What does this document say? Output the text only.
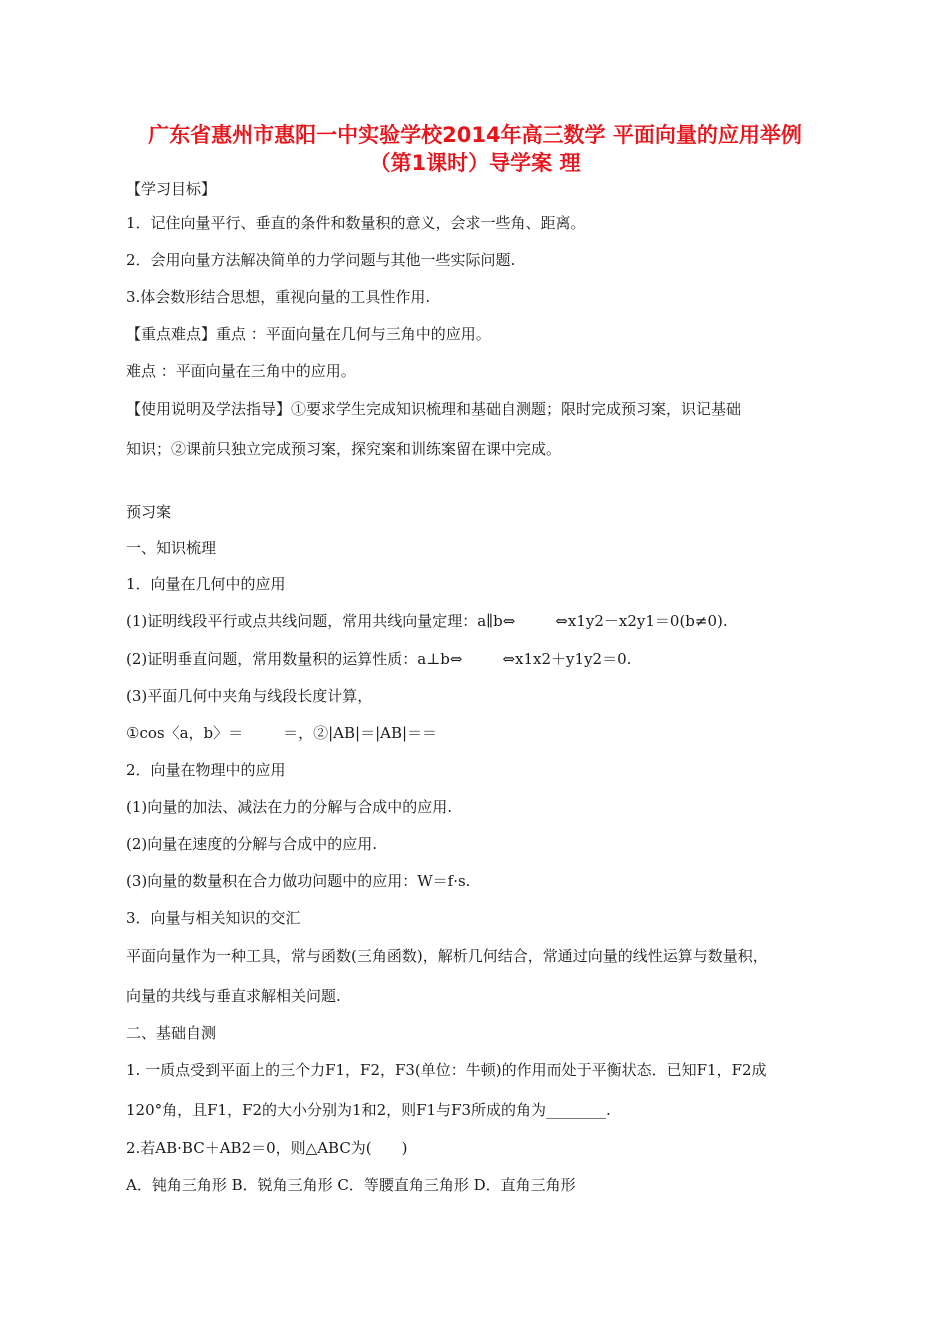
广东省惠州市惠阳一中实验学校2014年高三数学 平面向量的应用举例
（第1课时）导学案 理
【学习目标】
1．记住向量平行、垂直的条件和数量积的意义，会求一些角、距离。
2．会用向量方法解决简单的力学问题与其他一些实际问题.
3.体会数形结合思想，重视向量的工具性作用.
【重点难点】重点 ：平面向量在几何与三角中的应用。
难点 ：平面向量在三角中的应用。
【使用说明及学法指导】①要求学生完成知识梳理和基础自测题；限时完成预习案，识记基础
知识；②课前只独立完成预习案，探究案和训练案留在课中完成。
预习案
一、知识梳理
1．向量在几何中的应用
(1)证明线段平行或点共线问题，常用共线向量定理：a∥b⇔	⇔x1y2－x2y1＝0(b≠0).
(2)证明垂直问题，常用数量积的运算性质：a⊥b⇔	⇔x1x2＋y1y2＝0.
(3)平面几何中夹角与线段长度计算，
①cos〈a，b〉＝	＝，②|AB|＝|AB|＝＝
2．向量在物理中的应用
(1)向量的加法、减法在力的分解与合成中的应用.
(2)向量在速度的分解与合成中的应用.
(3)向量的数量积在合力做功问题中的应用：W＝f·s.
3．向量与相关知识的交汇
平面向量作为一种工具，常与函数(三角函数)，解析几何结合，常通过向量的线性运算与数量积，
向量的共线与垂直求解相关问题.
二、基础自测
1. 一质点受到平面上的三个力F1，F2，F3(单位：牛顿)的作用而处于平衡状态．已知F1，F2成
120°角，且F1，F2的大小分别为1和2，则F1与F3所成的角为________.
2.若AB·BC＋AB2＝0，则△ABC为(　　)
A．钝角三角形 B．锐角三角形 C．等腰直角三角形 D．直角三角形
